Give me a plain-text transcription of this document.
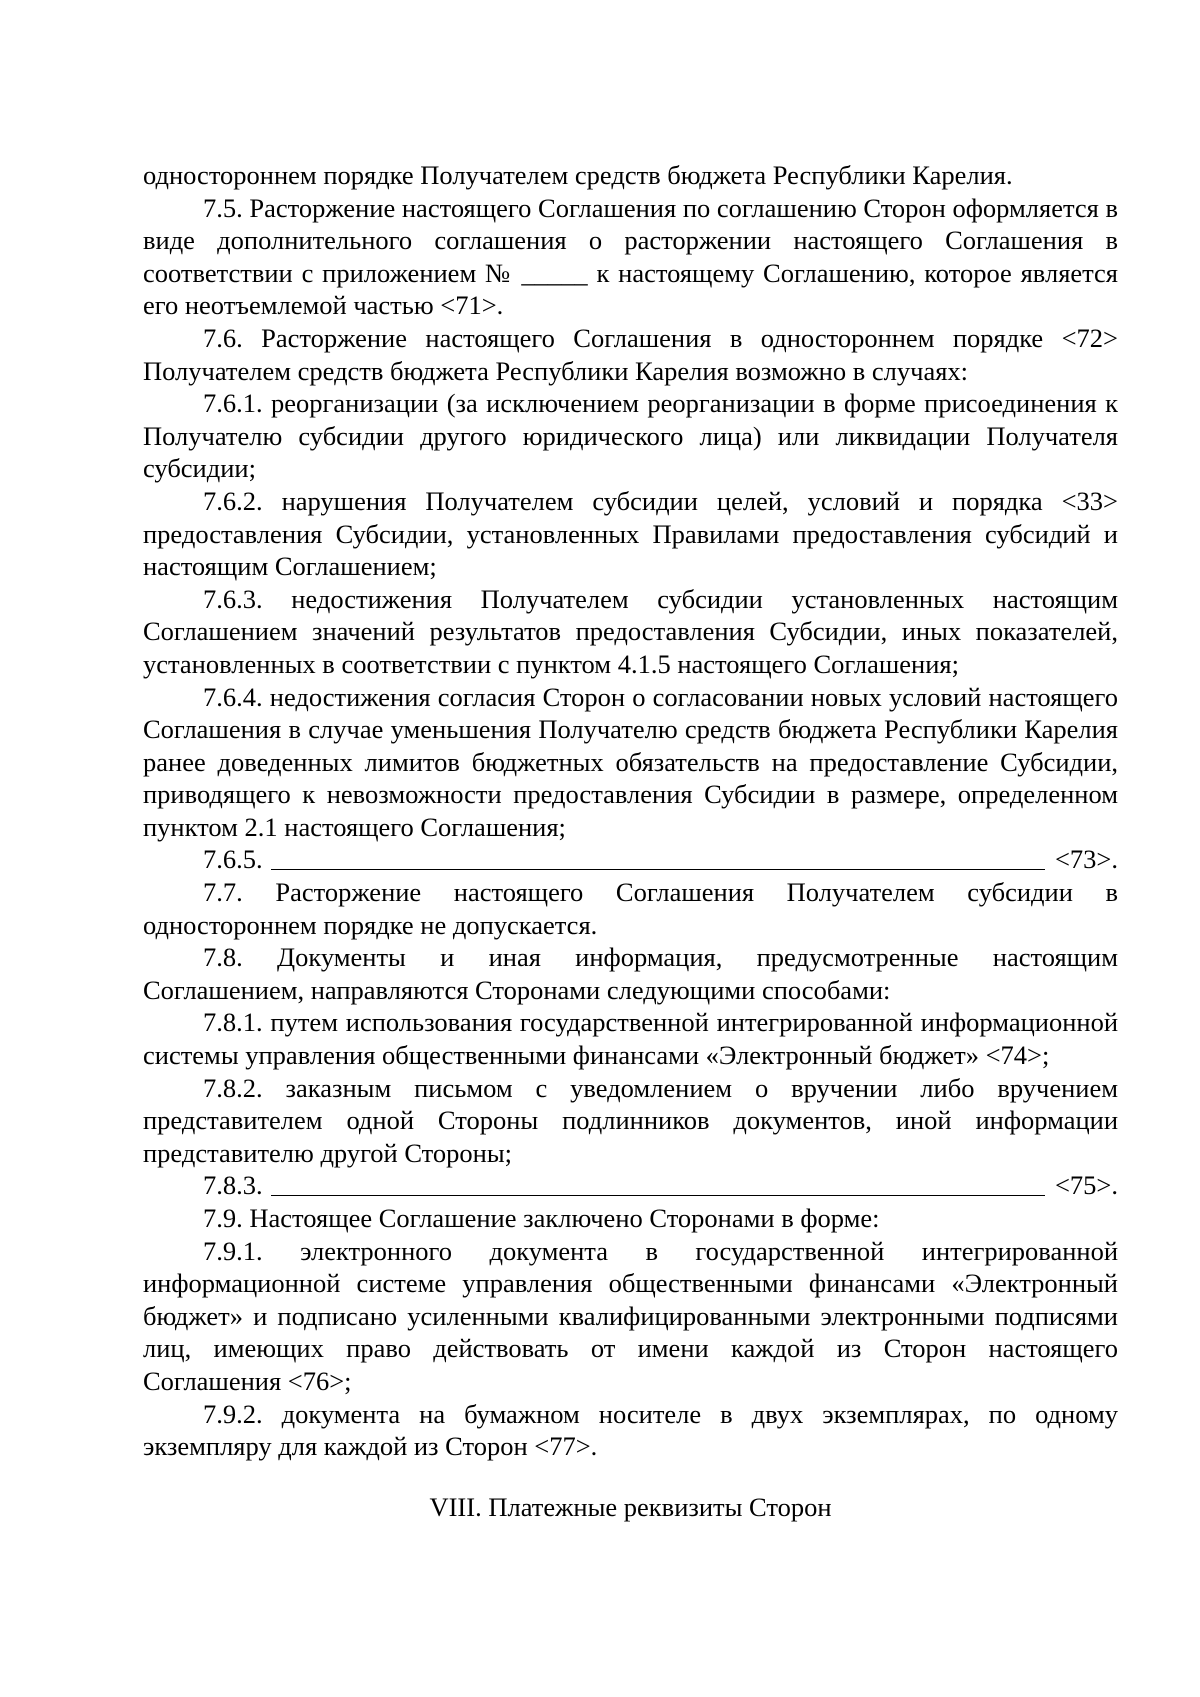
одностороннем порядке Получателем средств бюджета Республики Карелия.

7.5. Расторжение настоящего Соглашения по соглашению Сторон оформляется в виде дополнительного соглашения о расторжении настоящего Соглашения в соответствии с приложением № _____ к настоящему Соглашению, которое является его неотъемлемой частью <71>.

7.6. Расторжение настоящего Соглашения в одностороннем порядке <72> Получателем средств бюджета Республики Карелия возможно в случаях:

7.6.1. реорганизации (за исключением реорганизации в форме присоединения к Получателю субсидии другого юридического лица) или ликвидации Получателя субсидии;

7.6.2. нарушения Получателем субсидии целей, условий и порядка <33> предоставления Субсидии, установленных Правилами предоставления субсидий и настоящим Соглашением;

7.6.3. недостижения Получателем субсидии установленных настоящим Соглашением значений результатов предоставления Субсидии, иных показателей, установленных в соответствии с пунктом 4.1.5 настоящего Соглашения;

7.6.4. недостижения согласия Сторон о согласовании новых условий настоящего Соглашения в случае уменьшения Получателю средств бюджета Республики Карелия ранее доведенных лимитов бюджетных обязательств на предоставление Субсидии, приводящего к невозможности предоставления Субсидии в размере, определенном пунктом 2.1 настоящего Соглашения;

7.6.5.	<73>.

7.7. Расторжение настоящего Соглашения Получателем субсидии в одностороннем порядке не допускается.

7.8. Документы и иная информация, предусмотренные настоящим Соглашением, направляются Сторонами следующими способами:

7.8.1. путем использования государственной интегрированной информационной системы управления общественными финансами «Электронный бюджет» <74>;

7.8.2. заказным письмом с уведомлением о вручении либо вручением представителем одной Стороны подлинников документов, иной информации представителю другой Стороны;

7.8.3.	<75>.

7.9. Настоящее Соглашение заключено Сторонами в форме:

7.9.1. электронного документа в государственной интегрированной информационной системе управления общественными финансами «Электронный бюджет» и подписано усиленными квалифицированными электронными подписями лиц, имеющих право действовать от имени каждой из Сторон настоящего Соглашения <76>;

7.9.2. документа на бумажном носителе в двух экземплярах, по одному экземпляру для каждой из Сторон <77>.

VIII. Платежные реквизиты Сторон
